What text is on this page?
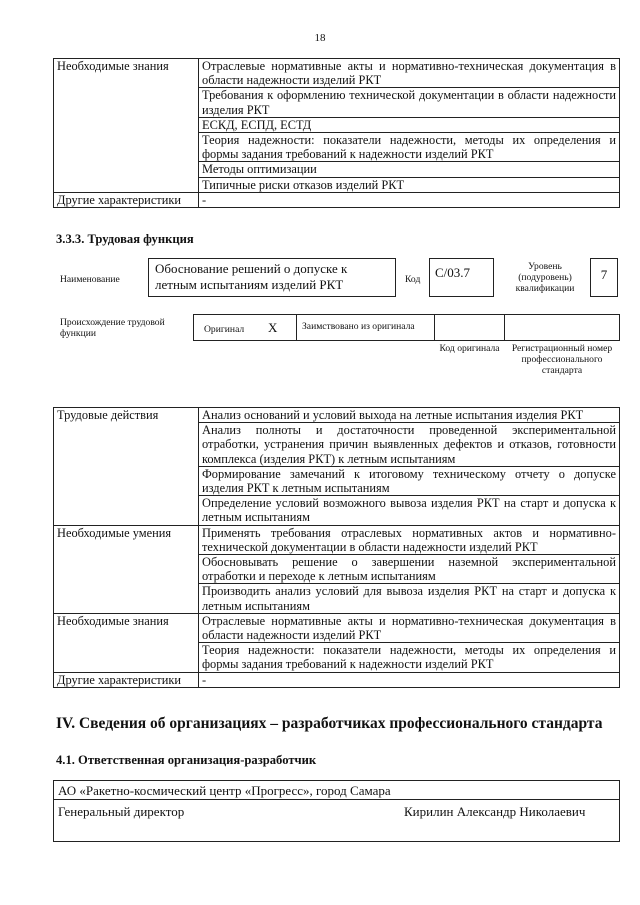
18
Необходимые знания	Отраслевые нормативные акты и нормативно-техническая документация в области надежности изделий РКТ
	Требования к оформлению технической документации в области надежности изделия РКТ
	ЕСКД, ЕСПД, ЕСТД
	Теория надежности: показатели надежности, методы их определения и формы задания требований к надежности изделий РКТ
	Методы оптимизации
	Типичные риски отказов изделий РКТ
Другие характеристики	-
3.3.3. Трудовая функция
Наименование
Обоснование решений о допуске к летным испытаниям изделий РКТ	Код	С/03.7	Уровень (подуровень) квалификации
7
Происхождение трудовой функции	Оригинал X	Заимствовано из оригинала
Код оригинала	Регистрационный номер профессионального стандарта
Трудовые действия	Анализ оснований и условий выхода на летные испытания изделия РКТ
	Анализ полноты и достаточности проведенной экспериментальной отработки, устранения причин выявленных дефектов и отказов, готовности комплекса (изделия РКТ) к летным испытаниям
	Формирование замечаний к итоговому техническому отчету о допуске изделия РКТ к летным испытаниям
	Определение условий возможного вывоза изделия РКТ на старт и допуска к летным испытаниям
Необходимые умения	Применять требования отраслевых нормативных актов и нормативно-технической документации в области надежности изделий РКТ
	Обосновывать решение о завершении наземной экспериментальной отработки и переходе к летным испытаниям
	Производить анализ условий для вывоза изделия РКТ на старт и допуска к летным испытаниям
Необходимые знания	Отраслевые нормативные акты и нормативно-техническая документация в области надежности изделий РКТ
	Теория надежности: показатели надежности, методы их определения и формы задания требований к надежности изделий РКТ
Другие характеристики	-
IV. Сведения об организациях – разработчиках профессионального стандарта
4.1. Ответственная организация-разработчик
АО «Ракетно-космический центр «Прогресс», город Самара
Генеральный директор	Кирилин Александр Николаевич
